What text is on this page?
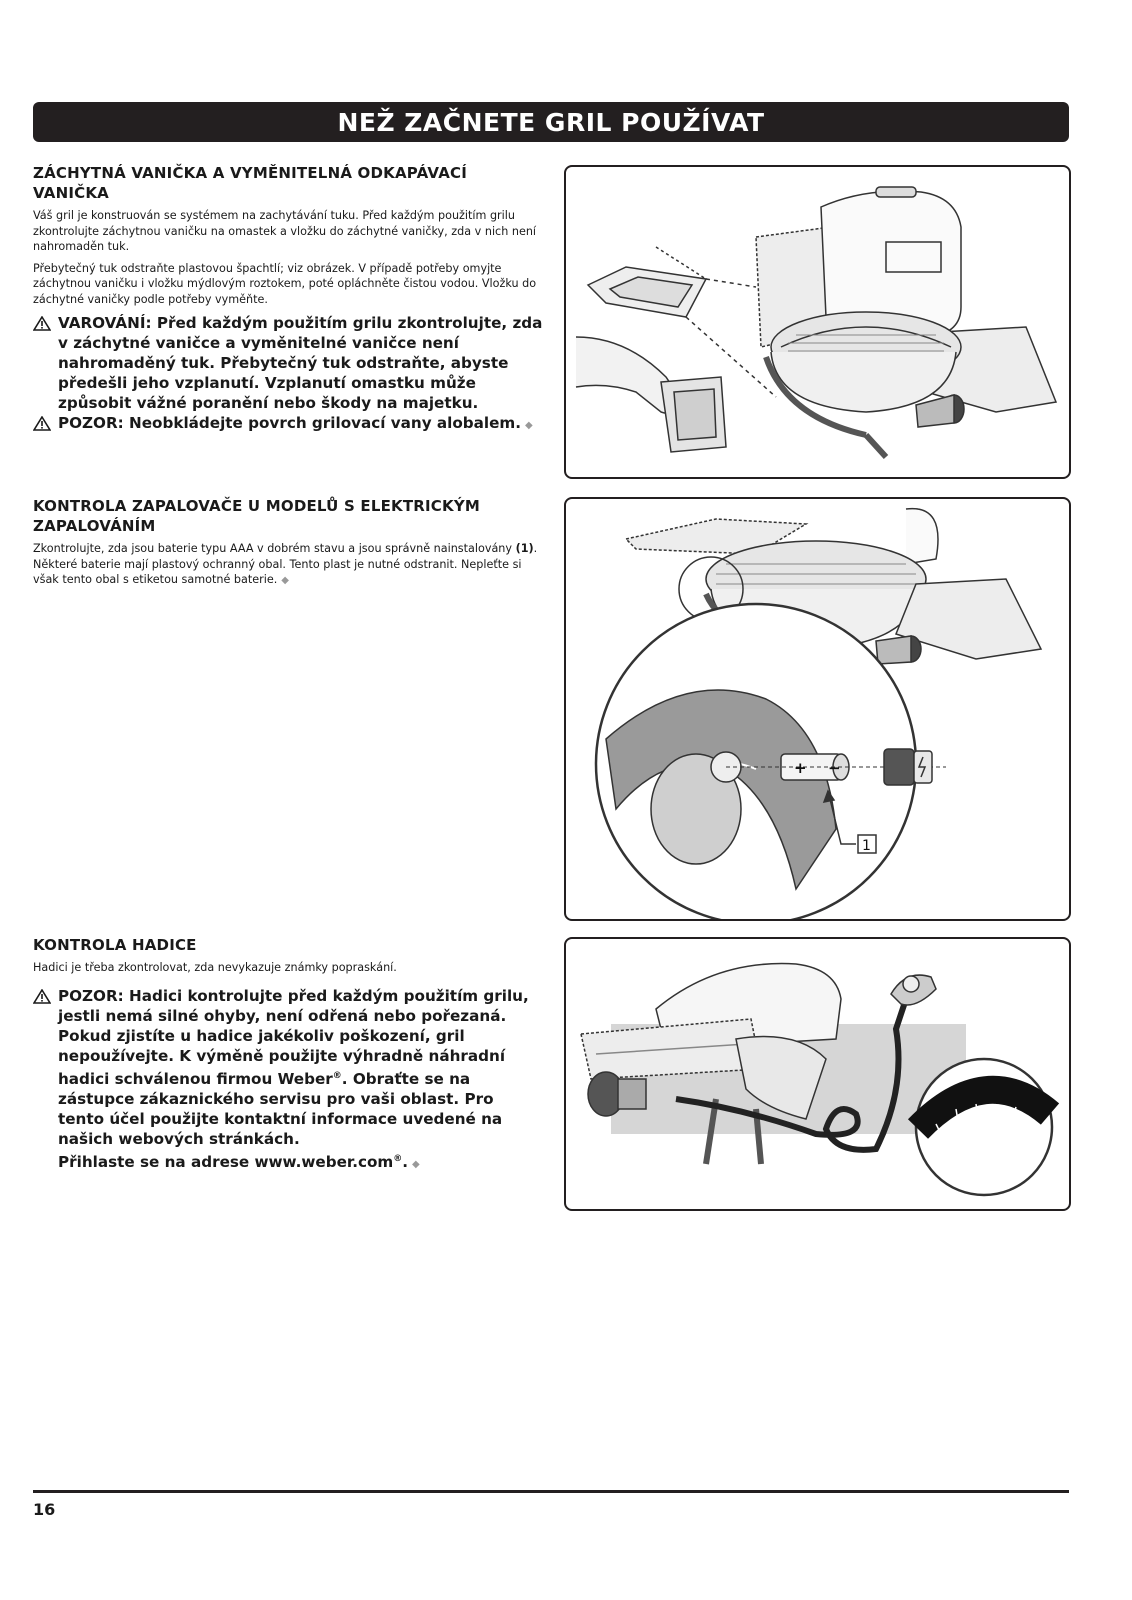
NEŽ ZAČNETE GRIL POUŽÍVAT
ZÁCHYTNÁ VANIČKA A VYMĚNITELNÁ ODKAPÁVACÍ VANIČKA

Váš gril je konstruován se systémem na zachytávání tuku. Před každým použitím grilu zkontrolujte záchytnou vaničku na omastek a vložku do záchytné vaničky, zda v nich není nahromaděn tuk.

Přebytečný tuk odstraňte plastovou špachtlí; viz obrázek. V případě potřeby omyjte záchytnou vaničku i vložku mýdlovým roztokem, poté opláchněte čistou vodou. Vložku do záchytné vaničky podle potřeby vyměňte.

VAROVÁNÍ: Před každým použitím grilu zkontrolujte, zda v záchytné vaničce a vyměnitelné vaničce není nahromaděný tuk. Přebytečný tuk odstraňte, abyste předešli jeho vzplanutí. Vzplanutí omastku může způsobit vážné poranění nebo škody na majetku.

POZOR: Neobkládejte povrch grilovací vany alobalem. ◆

KONTROLA ZAPALOVAČE U MODELŮ S ELEKTRICKÝM ZAPALOVÁNÍM

Zkontrolujte, zda jsou baterie typu AAA v dobrém stavu a jsou správně nainstalovány (1). Některé baterie mají plastový ochranný obal. Tento plast je nutné odstranit. Nepleťte si však tento obal s etiketou samotné baterie. ◆

+ −
1
KONTROLA HADICE

Hadici je třeba zkontrolovat, zda nevykazuje známky popraskání.

POZOR: Hadici kontrolujte před každým použitím grilu, jestli nemá silné ohyby, není odřená nebo pořezaná. Pokud zjistíte u hadice jakékoliv poškození, gril nepoužívejte. K výměně použijte výhradně náhradní hadici schválenou firmou Weber®. Obraťte se na zástupce zákaznického servisu pro vaši oblast. Pro tento účel použijte kontaktní informace uvedené na našich webových stránkách.
Přihlaste se na adrese www.weber.com®. ◆

16
